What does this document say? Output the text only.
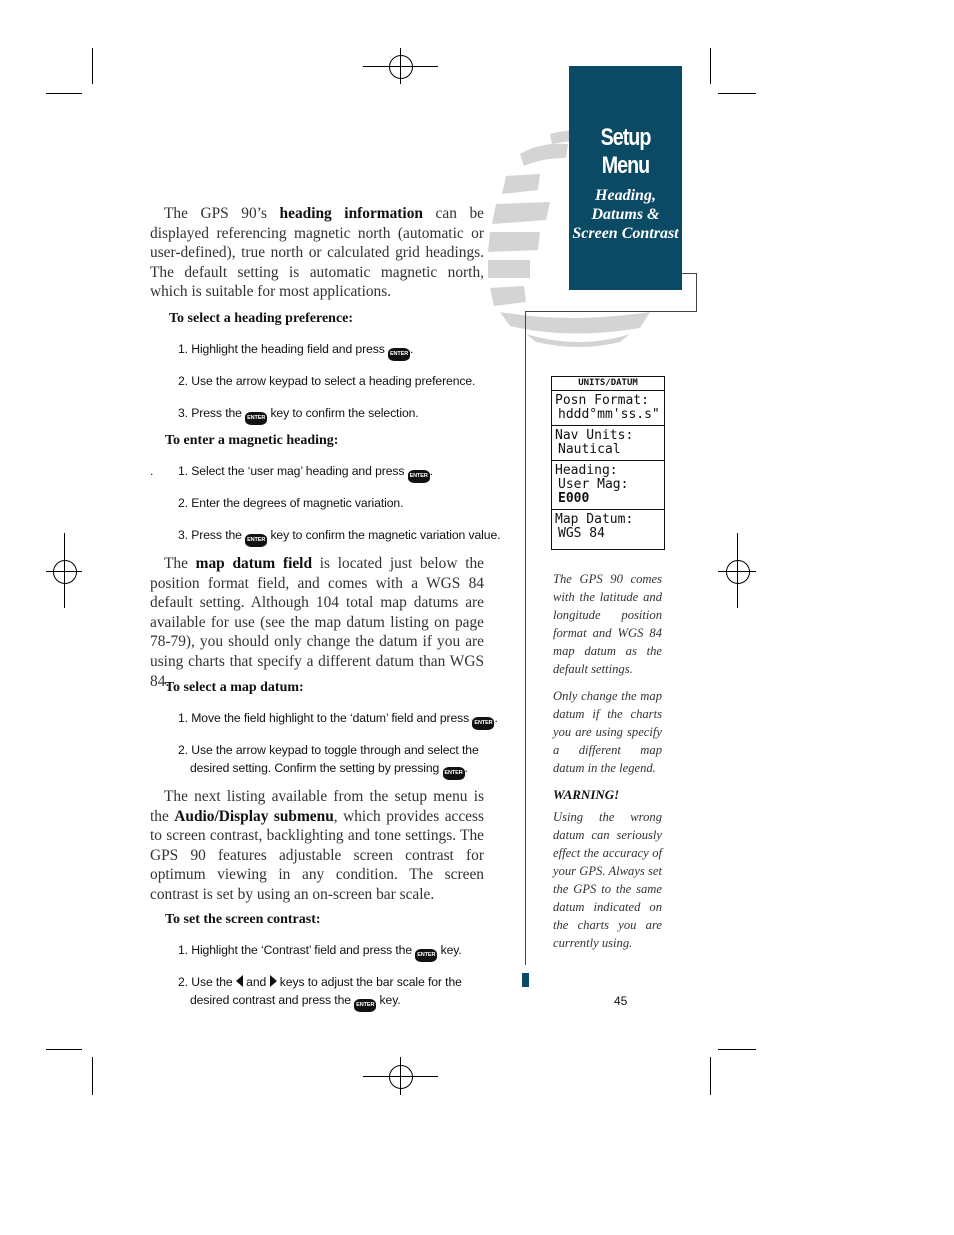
Setup Menu
Heading,
Datums &
Screen Contrast
The GPS 90’s heading information can be displayed referencing magnetic north (automatic or user-defined), true north or calculated grid headings. The default setting is automatic magnetic north, which is suitable for most applications.
To select a heading preference:
1. Highlight the heading field and press ENTER .
2. Use the arrow keypad to select a heading preference.
3. Press the ENTER key to confirm the selection.
To enter a magnetic heading:
. 1. Select the ‘user mag’ heading and press ENTER .
2. Enter the degrees of magnetic variation.
3. Press the ENTER key to confirm the magnetic variation value.
The map datum field is located just below the position format field, and comes with a WGS 84 default setting. Although 104 total map datums are available for use (see the map datum listing on page 78-79), you should only change the datum if you are using charts that specify a different datum than WGS 84.
To select a map datum:
1. Move the field highlight to the ‘datum’ field and press ENTER .
2. Use the arrow keypad to toggle through and select the
desired setting. Confirm the setting by pressing ENTER .
The next listing available from the setup menu is the Audio/Display submenu, which provides access to screen contrast, backlighting and tone settings. The GPS 90 features adjustable screen contrast for optimum viewing in any condition. The screen contrast is set by using an on-screen bar scale.
To set the screen contrast:
1. Highlight the ‘Contrast’ field and press the ENTER key.
2. Use the and keys to adjust the bar scale for the
desired contrast and press the ENTER key.
UNITS/DATUM
Posn Format:
hddd°mm'ss.s"
Nav Units:
Nautical
Heading:
User Mag:
E000
Map Datum:
WGS 84
The GPS 90 comes with the latitude and longitude position format and WGS 84 map datum as the default settings.
Only change the map datum if the charts you are using specify a different map datum in the legend.
WARNING!
Using the wrong datum can seriously effect the accuracy of your GPS. Always set the GPS to the same datum indicated on the charts you are currently using.
45
